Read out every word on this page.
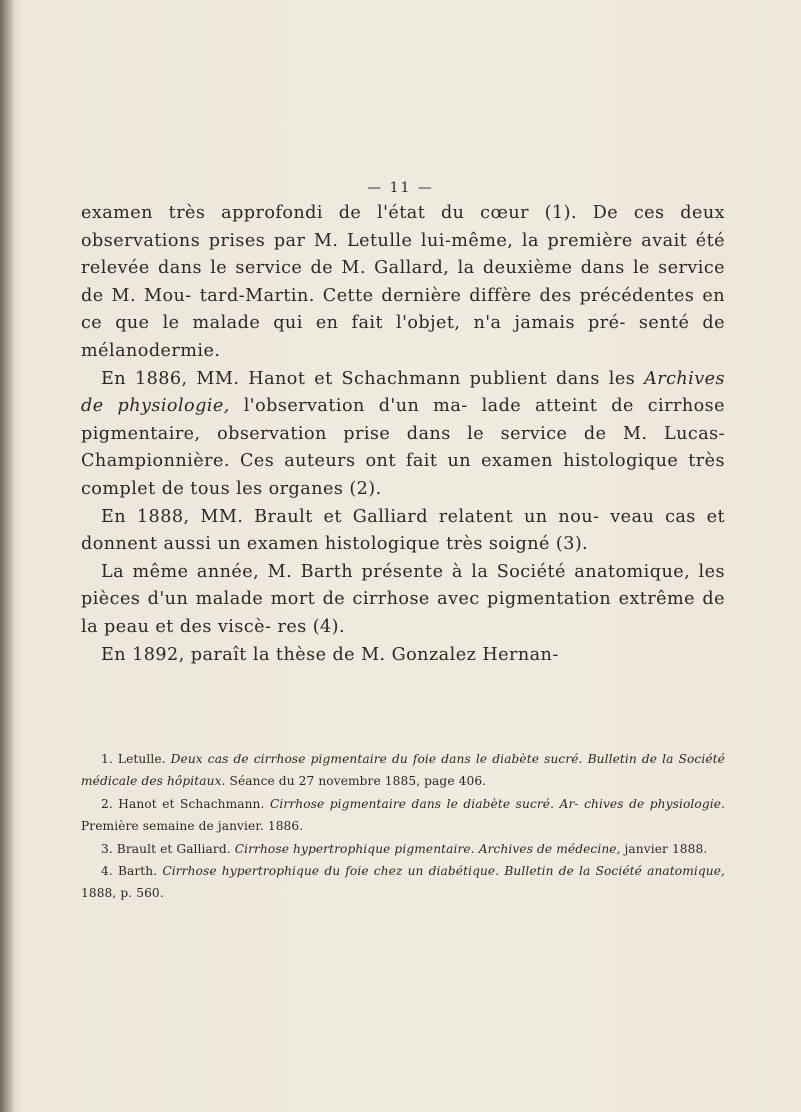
— 11 —

examen très approfondi de l'état du cœur (1). De ces deux observations prises par M. Letulle lui-même, la première avait été relevée dans le service de M. Gallard, la deuxième dans le service de M. Mou- tard-Martin. Cette dernière diffère des précédentes en ce que le malade qui en fait l'objet, n'a jamais pré- senté de mélanodermie.

En 1886, MM. Hanot et Schachmann publient dans les Archives de physiologie, l'observation d'un ma- lade atteint de cirrhose pigmentaire, observation prise dans le service de M. Lucas-Championnière. Ces auteurs ont fait un examen histologique très complet de tous les organes (2).

En 1888, MM. Brault et Galliard relatent un nou- veau cas et donnent aussi un examen histologique très soigné (3).

La même année, M. Barth présente à la Société anatomique, les pièces d'un malade mort de cirrhose avec pigmentation extrême de la peau et des viscè- res (4).

En 1892, paraît la thèse de M. Gonzalez Hernan-

1. Letulle. Deux cas de cirrhose pigmentaire du foie dans le diabète sucré. Bulletin de la Société médicale des hôpitaux. Séance du 27 novembre 1885, page 406.

2. Hanot et Schachmann. Cirrhose pigmentaire dans le diabète sucré. Ar- chives de physiologie. Première semaine de janvier. 1886.

3. Brault et Galliard. Cirrhose hypertrophique pigmentaire. Archives de médecine, janvier 1888.

4. Barth. Cirrhose hypertrophique du foie chez un diabétique. Bulletin de la Société anatomique, 1888, p. 560.
